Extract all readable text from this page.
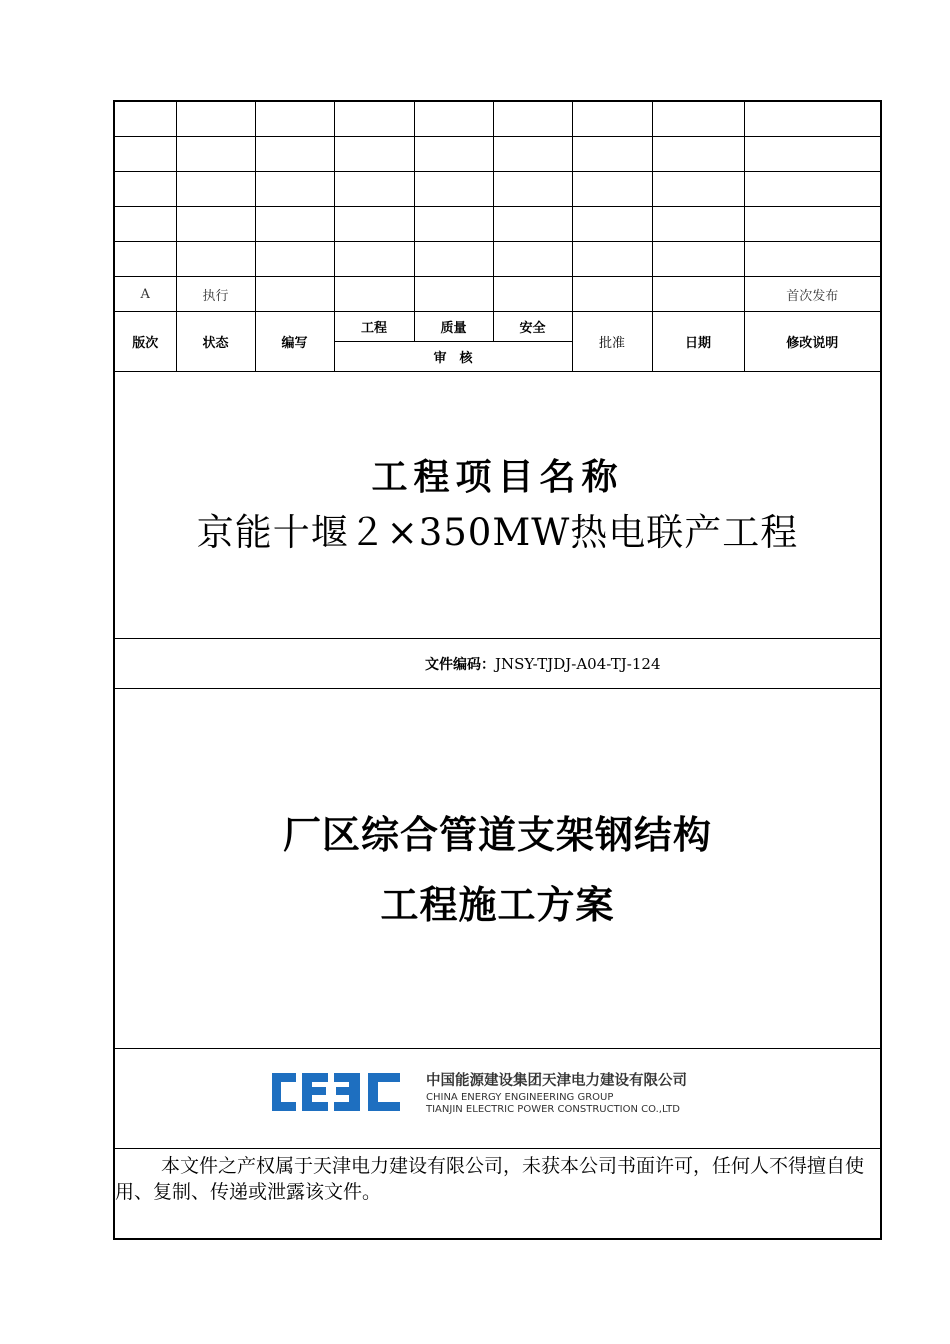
A	执行							首次发布
版次	状态	编写	工程	质量	安全	批准	日期	修改说明
			审　核					
工程项目名称
京能十堰２×350MW热电联产工程
文件编码：JNSY-TJDJ-A04-TJ-124
厂区综合管道支架钢结构
工程施工方案
中国能源建设集团天津电力建设有限公司
CHINA ENERGY ENGINEERING GROUP
TIANJIN ELECTRIC POWER CONSTRUCTION CO.,LTD
本文件之产权属于天津电力建设有限公司，未获本公司书面许可，任何人不得擅自使用、复制、传递或泄露该文件。
